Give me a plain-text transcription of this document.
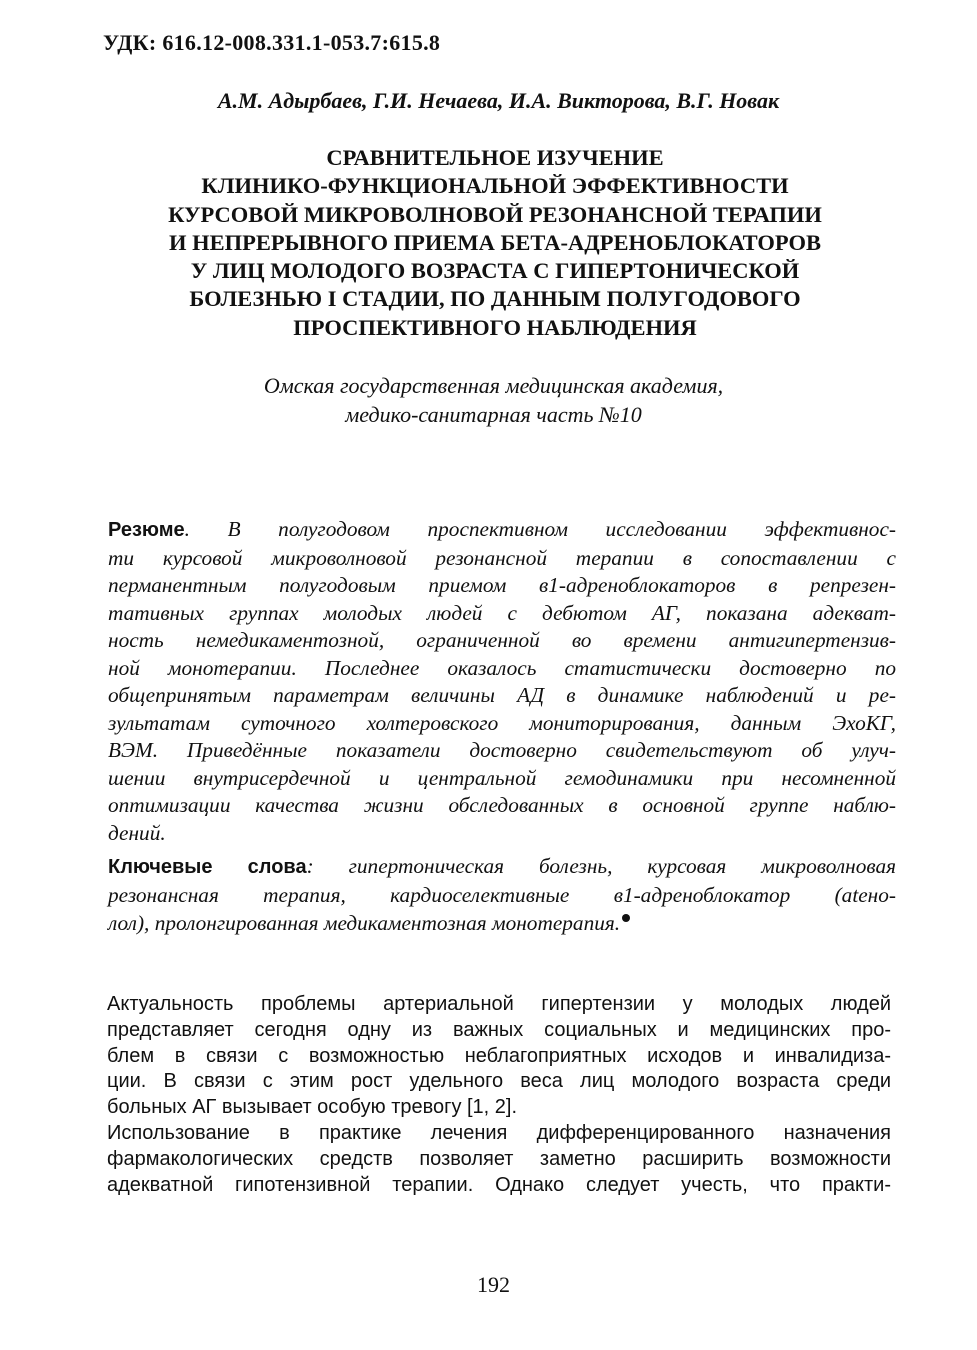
УДК: 616.12-008.331.1-053.7:615.8
А.М. Адырбаев, Г.И. Нечаева, И.А. Викторова, В.Г. Новак
СРАВНИТЕЛЬНОЕ ИЗУЧЕНИЕ
КЛИНИКО-ФУНКЦИОНАЛЬНОЙ ЭФФЕКТИВНОСТИ
КУРСОВОЙ МИКРОВОЛНОВОЙ РЕЗОНАНСНОЙ ТЕРАПИИ
И НЕПРЕРЫВНОГО ПРИЕМА БЕТА-АДРЕНОБЛОКАТОРОВ
У ЛИЦ МОЛОДОГО ВОЗРАСТА С ГИПЕРТОНИЧЕСКОЙ
БОЛЕЗНЬЮ I СТАДИИ, ПО ДАННЫМ ПОЛУГОДОВОГО
ПРОСПЕКТИВНОГО НАБЛЮДЕНИЯ
Омская государственная медицинская академия,
медико-санитарная часть №10
Резюме. В полугодовом проспективном исследовании эффективнос-
ти курсовой микроволновой резонансной терапии в сопоставлении с
перманентным полугодовым приемом в1-адреноблокаторов в репрезен-
тативных группах молодых людей с дебютом АГ, показана адекват-
ность немедикаментозной, ограниченной во времени антигипертензив-
ной монотерапии. Последнее оказалось статистически достоверно по
общепринятым параметрам величины АД в динамике наблюдений и ре-
зультатам суточного холтеровского мониторирования, данным ЭхоКГ,
ВЭМ. Приведённые показатели достоверно свидетельствуют об улуч-
шении внутрисердечной и центральной гемодинамики при несомненной
оптимизации качества жизни обследованных в основной группе наблю-
дений.
Ключевые слова: гипертоническая болезнь, курсовая микроволновая
резонансная терапия, кардиоселективные в1-адреноблокатор (ateно-
лол), пролонгированная медикаментозная монотерапия.
Актуальность проблемы артериальной гипертензии у молодых людей
представляет сегодня одну из важных социальных и медицинских про-
блем в связи с возможностью неблагоприятных исходов и инвалидиза-
ции. В связи с этим рост удельного веса лиц молодого возраста среди
больных АГ вызывает особую тревогу [1, 2].
Использование в практике лечения дифференцированного назначения
фармакологических средств позволяет заметно расширить возможности
адекватной гипотензивной терапии. Однако следует учесть, что практи-
192
